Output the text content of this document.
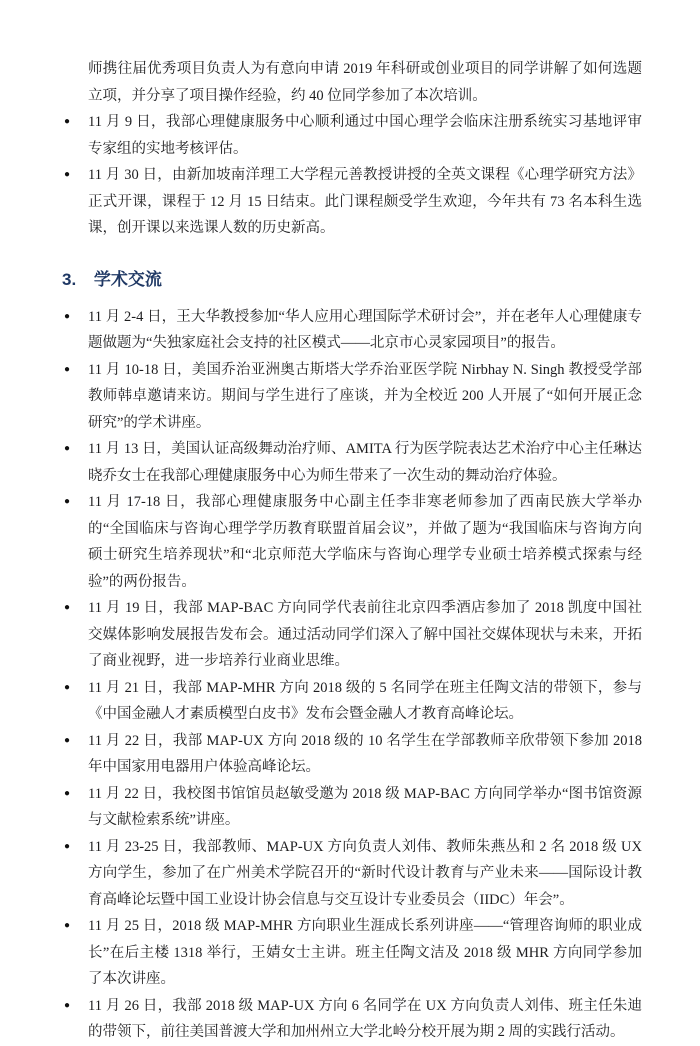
师携往届优秀项目负责人为有意向申请 2019 年科研或创业项目的同学讲解了如何选题立项，并分享了项目操作经验，约 40 位同学参加了本次培训。

● 11 月 9 日，我部心理健康服务中心顺利通过中国心理学会临床注册系统实习基地评审专家组的实地考核评估。
● 11 月 30 日，由新加坡南洋理工大学程元善教授讲授的全英文课程《心理学研究方法》正式开课，课程于 12 月 15 日结束。此门课程颇受学生欢迎，今年共有 73 名本科生选课，创开课以来选课人数的历史新高。
3. 学术交流
● 11 月 2-4 日，王大华教授参加“华人应用心理国际学术研讨会”，并在老年人心理健康专题做题为“失独家庭社会支持的社区模式——北京市心灵家园项目”的报告。
● 11 月 10-18 日，美国乔治亚洲奥古斯塔大学乔治亚医学院 Nirbhay N. Singh 教授受学部教师韩卓邀请来访。期间与学生进行了座谈，并为全校近 200 人开展了“如何开展正念研究”的学术讲座。
● 11 月 13 日，美国认证高级舞动治疗师、AMITA 行为医学院表达艺术治疗中心主任琳达晓乔女士在我部心理健康服务中心为师生带来了一次生动的舞动治疗体验。
● 11 月 17-18 日，我部心理健康服务中心副主任李非寒老师参加了西南民族大学举办的“全国临床与咨询心理学学历教育联盟首届会议”，并做了题为“我国临床与咨询方向硕士研究生培养现状”和“北京师范大学临床与咨询心理学专业硕士培养模式探索与经验”的两份报告。
● 11 月 19 日，我部 MAP-BAC 方向同学代表前往北京四季酒店参加了 2018 凯度中国社交媒体影响发展报告发布会。通过活动同学们深入了解中国社交媒体现状与未来，开拓了商业视野，进一步培养行业商业思维。
● 11 月 21 日，我部 MAP-MHR 方向 2018 级的 5 名同学在班主任陶文洁的带领下，参与《中国金融人才素质模型白皮书》发布会暨金融人才教育高峰论坛。
● 11 月 22 日，我部 MAP-UX 方向 2018 级的 10 名学生在学部教师辛欣带领下参加 2018 年中国家用电器用户体验高峰论坛。
● 11 月 22 日，我校图书馆馆员赵敏受邀为 2018 级 MAP-BAC 方向同学举办“图书馆资源与文献检索系统”讲座。
● 11 月 23-25 日，我部教师、MAP-UX 方向负责人刘伟、教师朱燕丛和 2 名 2018 级 UX 方向学生，参加了在广州美术学院召开的“新时代设计教育与产业未来——国际设计教育高峰论坛暨中国工业设计协会信息与交互设计专业委员会（IIDC）年会”。
● 11 月 25 日，2018 级 MAP-MHR 方向职业生涯成长系列讲座——“管理咨询师的职业成长”在后主楼 1318 举行，王婧女士主讲。班主任陶文洁及 2018 级 MHR 方向同学参加了本次讲座。
● 11 月 26 日，我部 2018 级 MAP-UX 方向 6 名同学在 UX 方向负责人刘伟、班主任朱迪的带领下，前往美国普渡大学和加州州立大学北岭分校开展为期 2 周的实践行活动。
